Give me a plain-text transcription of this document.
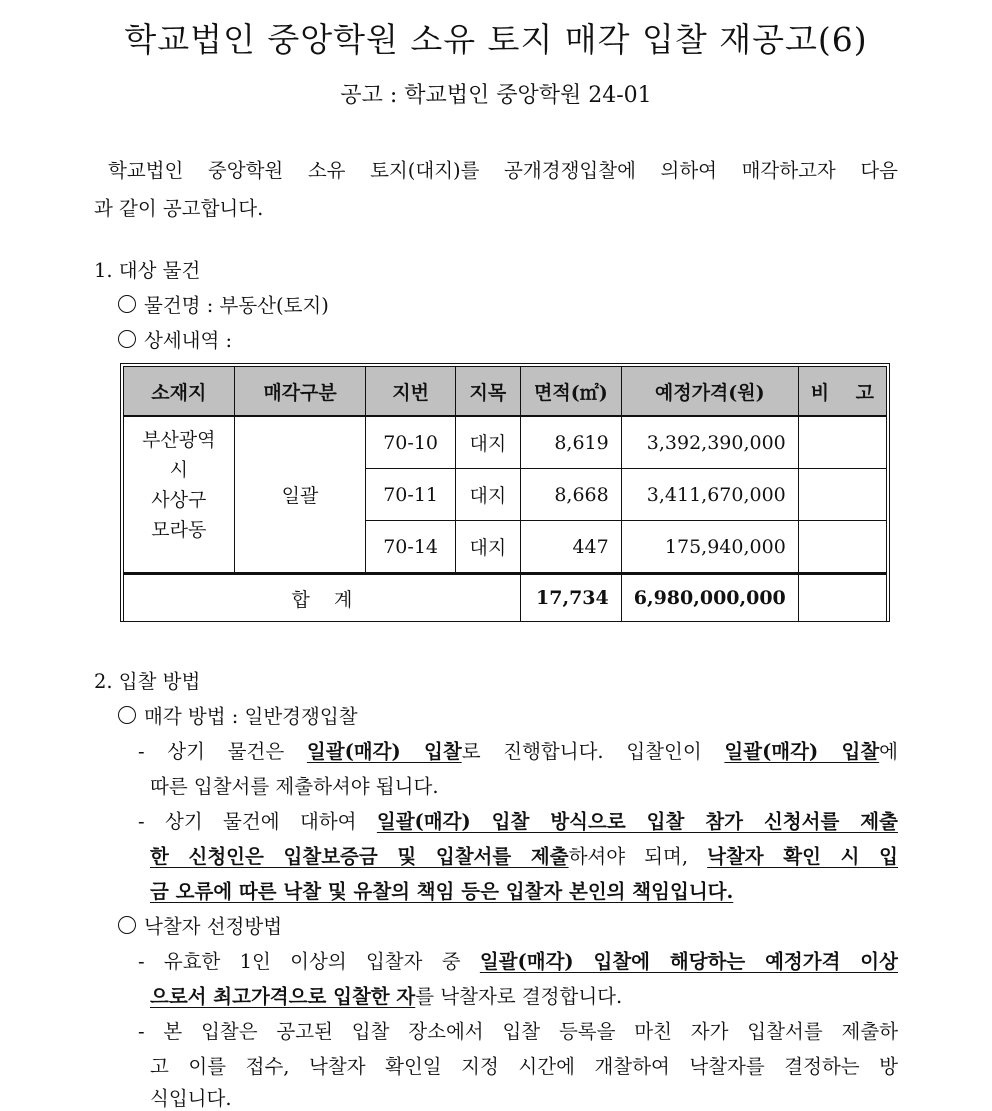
학교법인 중앙학원 소유 토지 매각 입찰 재공고(6)
공고 : 학교법인 중앙학원 24-01
학교법인 중앙학원 소유 토지(대지)를 공개경쟁입찰에 의하여 매각하고자 다음
과 같이 공고합니다.
1. 대상 물건
물건명 : 부동산(토지)
상세내역 :
소재지	매각구분	지번	지목	면적(㎡)	예정가격(원)	비    고

부산광역시
사상구
모라동	일괄	70-10	대지	8,619	3,392,390,000	
		70-11	대지	8,668	3,411,670,000	
		70-14	대지	447	175,940,000	
합    계				17,734	6,980,000,000	
2. 입찰 방법
매각 방법 : 일반경쟁입찰
- 상기 물건은 일괄(매각) 입찰로 진행합니다. 입찰인이 일괄(매각) 입찰에
따른 입찰서를 제출하셔야 됩니다.
- 상기 물건에 대하여 일괄(매각) 입찰 방식으로 입찰 참가 신청서를 제출
한 신청인은 입찰보증금 및 입찰서를 제출하셔야 되며, 낙찰자 확인 시 입
금 오류에 따른 낙찰 및 유찰의 책임 등은 입찰자 본인의 책임입니다.
낙찰자 선정방법
- 유효한 1인 이상의 입찰자 중 일괄(매각) 입찰에 해당하는 예정가격 이상
으로서 최고가격으로 입찰한 자를 낙찰자로 결정합니다.
- 본 입찰은 공고된 입찰 장소에서 입찰 등록을 마친 자가 입찰서를 제출하
고 이를 접수, 낙찰자 확인일 지정 시간에 개찰하여 낙찰자를 결정하는 방
식입니다.
